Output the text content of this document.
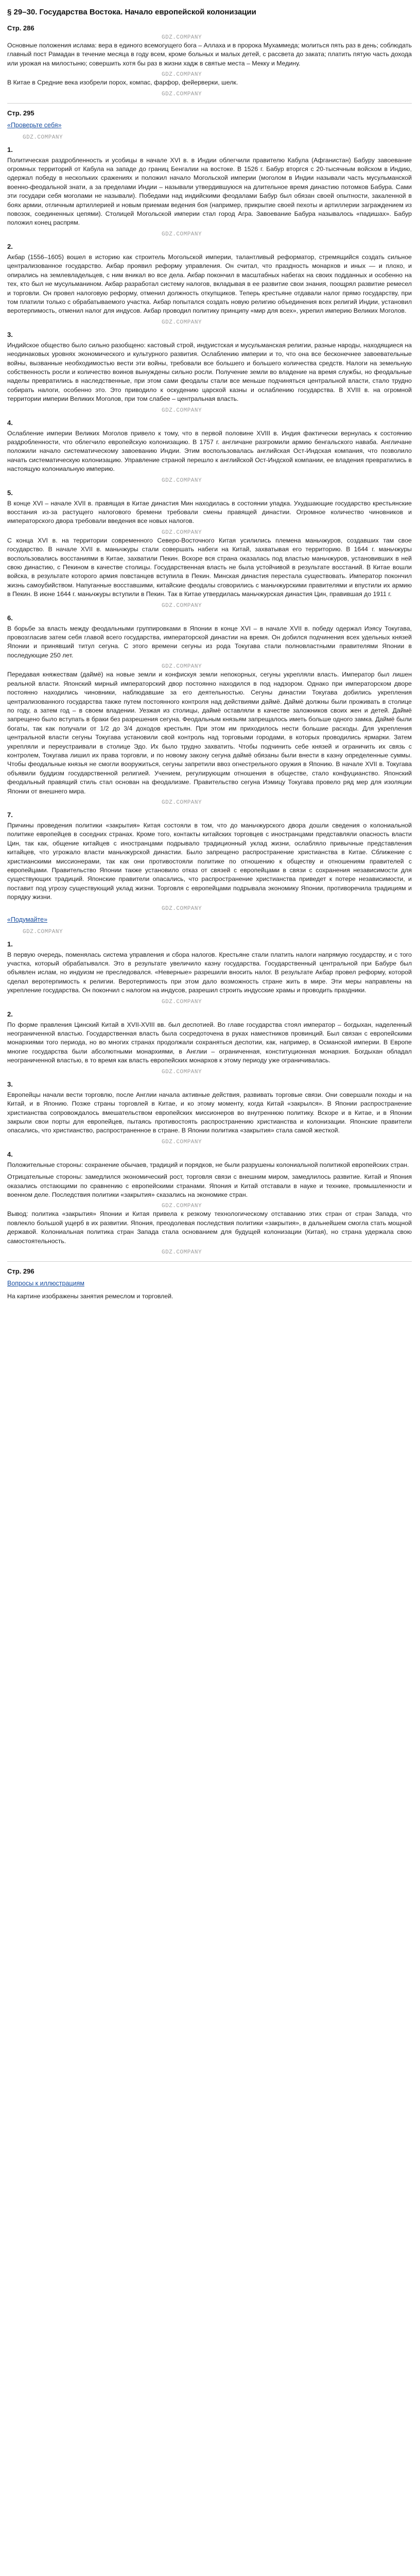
§ 29–30. Государства Востока. Начало европейской колонизации
Стр. 286
GDZ.COMPANY
Основные положения ислама: вера в единого всемогущего бога – Аллаха и в пророка Мухаммеда; молиться пять раз в день; соблюдать главный пост Рамадан в течение месяца в году всем, кроме больных и малых детей, с рассвета до заката; платить пятую часть дохода или урожая на милостыню; совершить хотя бы раз в жизни хадж в святые места – Мекку и Медину.
GDZ.COMPANY
В Китае в Средние века изобрели порох, компас, фарфор, фейерверки, шелк.
GDZ.COMPANY
Стр. 295
«Проверьте себя»
GDZ.COMPANY
1.
Политическая раздробленность и усобицы в начале XVI в. в Индии облегчили правителю Кабула (Афганистан) Бабуру завоевание огромных территорий от Кабула на западе до границ Бенгалии на востоке. В 1526 г. Бабур вторгся с 20-тысячным войском в Индию, одержал победу в нескольких сражениях и положил начало Могольской империи (моголом в Индии называли часть мусульманской военно-феодальной знати, а за пределами Индии – называли утвердившуюся на длительное время династию потомков Бабура. Сами эти государи себя моголами не называли). Победами над индийскими феодалами Бабур был обязан своей опытности, закаленной в боях армии, отличным артиллерией и новым приемам ведения боя (например, прикрытие своей пехоты и артиллерии заграждением из повозок, соединенных цепями). Столицей Могольской империи стал город Агра. Завоевание Бабура называлось «падишах». Бабур положил конец распрям.
GDZ.COMPANY
2.
Акбар (1556–1605) вошел в историю как строитель Могольской империи, талантливый реформатор, стремящийся создать сильное централизованное государство. Акбар проявил реформу управления. Он считал, что праздность монархов и иных — и плохо, и опирались на землевладельцев, с ним вникал во все дела. Акбар покончил в масштабных набегах на своих подданных и особенно на тех, кто был не мусульманином. Акбар разработал систему налогов, вкладывая в ее развитие свои знания, поощрял развитие ремесел и торговли. Он провел налоговую реформу, отменил должность откупщиков. Теперь крестьяне отдавали налог прямо государству, при том платили только с обрабатываемого участка. Акбар попытался создать новую религию объединения всех религий Индии, установил веротерпимость, отменил налог для индусов. Акбар проводил политику принципу «мир для всех», укрепил империю Великих Моголов.
GDZ.COMPANY
3.
Индийское общество было сильно разобщено: кастовый строй, индуистская и мусульманская религии, разные народы, находящиеся на неодинаковых уровнях экономического и культурного развития. Ослаблению империи и то, что она все бесконечнее завоевательные войны, вызванные необходимостью вести эти войны, требовали все большего и большего количества средств. Налоги на земельную собственность росли и количество воинов вынуждены сильно росли. Получение земли во владение на время службы, но феодальные наделы превратились в наследственные, при этом сами феодалы стали все меньше подчиняться центральной власти, стало трудно собирать налоги, особенно это. Это приводило к оскудению царской казны и ослаблению государства. В XVIII в. на огромной территории империи Великих Моголов, при том слабее – центральная власть.
GDZ.COMPANY
4.
Ослабление империи Великих Моголов привело к тому, что в первой половине XVIII в. Индия фактически вернулась к состоянию раздробленности, что облегчило европейскую колонизацию. В 1757 г. англичане разгромили армию бенгальского наваба. Англичане положили начало систематическому завоеванию Индии. Этим воспользовалась английская Ост-Индская компания, что позволило начать систематическую колонизацию. Управление страной перешло к английской Ост-Индской компании, ее владения превратились в настоящую колониальную империю.
GDZ.COMPANY
5.
В конце XVI – начале XVII в. правящая в Китае династия Мин находилась в состоянии упадка. Ухудшающие государство крестьянские восстания из-за растущего налогового бремени требовали смены правящей династии. Огромное количество чиновников и императорского двора требовали введения все новых налогов.
GDZ.COMPANY
С конца XVI в. на территории современного Северо-Восточного Китая усилились племена маньчжуров, создавших там свое государство. В начале XVII в. маньчжуры стали совершать набеги на Китай, захватывая его территорию. В 1644 г. маньчжуры воспользовались восстаниями в Китае, захватили Пекин. Вскоре вся страна оказалась под властью маньчжуров, установивших в ней свою династию, с Пекином в качестве столицы. Государственная власть не была устойчивой в результате восстаний. В Китае вошли войска, в результате которого армия повстанцев вступила в Пекин. Минская династия перестала существовать. Император покончил жизнь самоубийством. Напуганные восставшими, китайские феодалы сговорились с маньчжурскими правителями и впустили их армию в Пекин. В июне 1644 г. маньчжуры вступили в Пекин. Так в Китае утвердилась маньчжурская династия Цин, правившая до 1911 г.
GDZ.COMPANY
6.
В борьбе за власть между феодальными группировками в Японии в конце XVI – в начале XVII в. победу одержал Иэясу Токугава, провозгласив затем себя главой всего государства, императорской династии на время. Он добился подчинения всех удельных князей Японии и принявший титул сегуна. С этого времени сегуны из рода Токугава стали полновластными правителями Японии в последующие 250 лет.
GDZ.COMPANY
Передавая княжествам (даймё) на новые земли и конфискуя земли непокорных, сегуны укрепляли власть. Император был лишен реальной власти. Японский мирный императорский двор постоянно находился в под надзором. Однако при императорском дворе постоянно находились чиновники, наблюдавшие за его деятельностью. Сегуны династии Токугава добились укрепления централизованного государства также путем постоянного контроля над действиями даймё. Даймё должны были проживать в столице по году, а затем год – в своем владении. Уезжая из столицы, даймё оставляли в качестве заложников своих жен и детей. Даймё запрещено было вступать в браки без разрешения сегуна. Феодальным князьям запрещалось иметь больше одного замка. Даймё были богаты, так как получали от 1/2 до 3/4 доходов крестьян. При этом им приходилось нести большие расходы. Для укрепления центральной власти сегуны Токугава установили свой контроль над торговыми городами, в которых проводились ярмарки. Затем укрепляли и переустраивали в столице Эдо. Их было трудно захватить. Чтобы подчинить себе князей и ограничить их связь с контролем, Токугава лишил их права торговли, и по новому закону сегуна даймё обязаны были внести в казну определенные суммы. Чтобы феодальные князья не смогли вооружиться, сегуны запретили ввоз огнестрельного оружия в Японию. В начале XVII в. Токугава объявили буддизм государственной религией. Учением, регулирующим отношения в обществе, стало конфуцианство. Японский феодальный правящий стиль стал основан на феодализме. Правительство сегуна Иэмицу Токугава провело ряд мер для изоляции Японии от внешнего мира.
GDZ.COMPANY
7.
Причины проведения политики «закрытия» Китая состояли в том, что до маньчжурского двора дошли сведения о колониальной политике европейцев в соседних странах. Кроме того, контакты китайских торговцев с иностранцами представляли опасность власти Цин, так как, общение китайцев с иностранцами подрывало традиционный уклад жизни, ослабляло привычные представления китайцев, что угрожало власти маньчжурской династии. Было запрещено распространение христианства в Китае. Сближение с христианскими миссионерами, так как они противостояли политике по отношению к обществу и отношениям правителей с европейцами. Правительство Японии также установило отказ от связей с европейцами в связи с сохранения независимости для существующих традиций. Японские правители опасались, что распространение христианства приведет к потере независимости, и поставит под угрозу существующий уклад жизни. Торговля с европейцами подрывала экономику Японии, противоречила традициям и порядку жизни.
GDZ.COMPANY
«Подумайте»
GDZ.COMPANY
1.
В первую очередь, поменялась система управления и сбора налогов. Крестьяне стали платить налоги напрямую государству, и с того участка, который обрабатывался. Это в результате увеличило казну государства. Государственный центральной при Бабуре был объявлен ислам, но индуизм не преследовался. «Неверные» разрешили вносить налог. В результате Акбар провел реформу, которой сделал веротерпимость к религии. Веротерпимость при этом дало возможность стране жить в мире. Эти меры направлены на укрепление государства. Он покончил с налогом на индусов, разрешил строить индусские храмы и проводить праздники.
GDZ.COMPANY
2.
По форме правления Цинский Китай в XVII-XVIII вв. был деспотией. Во главе государства стоял император – богдыхан, наделенный неограниченной властью. Государственная власть была сосредоточена в руках наместников провинций. Был связан с европейскими монархиями того периода, но во многих странах продолжали сохраняться деспотии, как, например, в Османской империи. В Европе многие государства были абсолютными монархиями, в Англии – ограниченная, конституционная монархия. Богдыхан обладал неограниченной властью, в то время как власть европейских монархов к этому периоду уже ограничивалась.
GDZ.COMPANY
3.
Европейцы начали вести торговлю, после Англии начала активные действия, развивать торговые связи. Они совершали походы и на Китай, и в Японию. Позже страны торговлей в Китае, и ко этому моменту, когда Китай «закрылся». В Японии распространение христианства сопровождалось вмешательством европейских миссионеров во внутреннюю политику. Вскоре и в Китае, и в Японии закрыли свои порты для европейцев, пытаясь противостоять распространению христианства и колонизации. Японские правители опасались, что христианство, распространенное в стране. В Японии политика «закрытия» стала самой жесткой.
GDZ.COMPANY
4.
Положительные стороны: сохранение обычаев, традиций и порядков, не были разрушены колониальной политикой европейских стран.
Отрицательные стороны: замедлился экономический рост, торговля связи с внешним миром, замедлилось развитие. Китай и Япония оказались отстающими по сравнению с европейскими странами. Япония и Китай отставали в науке и технике, промышленности и военном деле. Последствия политики «закрытия» сказались на экономике стран.
GDZ.COMPANY
Вывод: политика «закрытия» Японии и Китая привела к резкому технологическому отставанию этих стран от стран Запада, что повлекло большой ущерб в их развитии. Япония, преодолевая последствия политики «закрытия», в дальнейшем смогла стать мощной державой. Колониальная политика стран Запада стала основанием для будущей колонизации (Китая), но страна удержала свою самостоятельность.
GDZ.COMPANY
Стр. 296
Вопросы к иллюстрациям
На картине изображены занятия ремеслом и торговлей.
